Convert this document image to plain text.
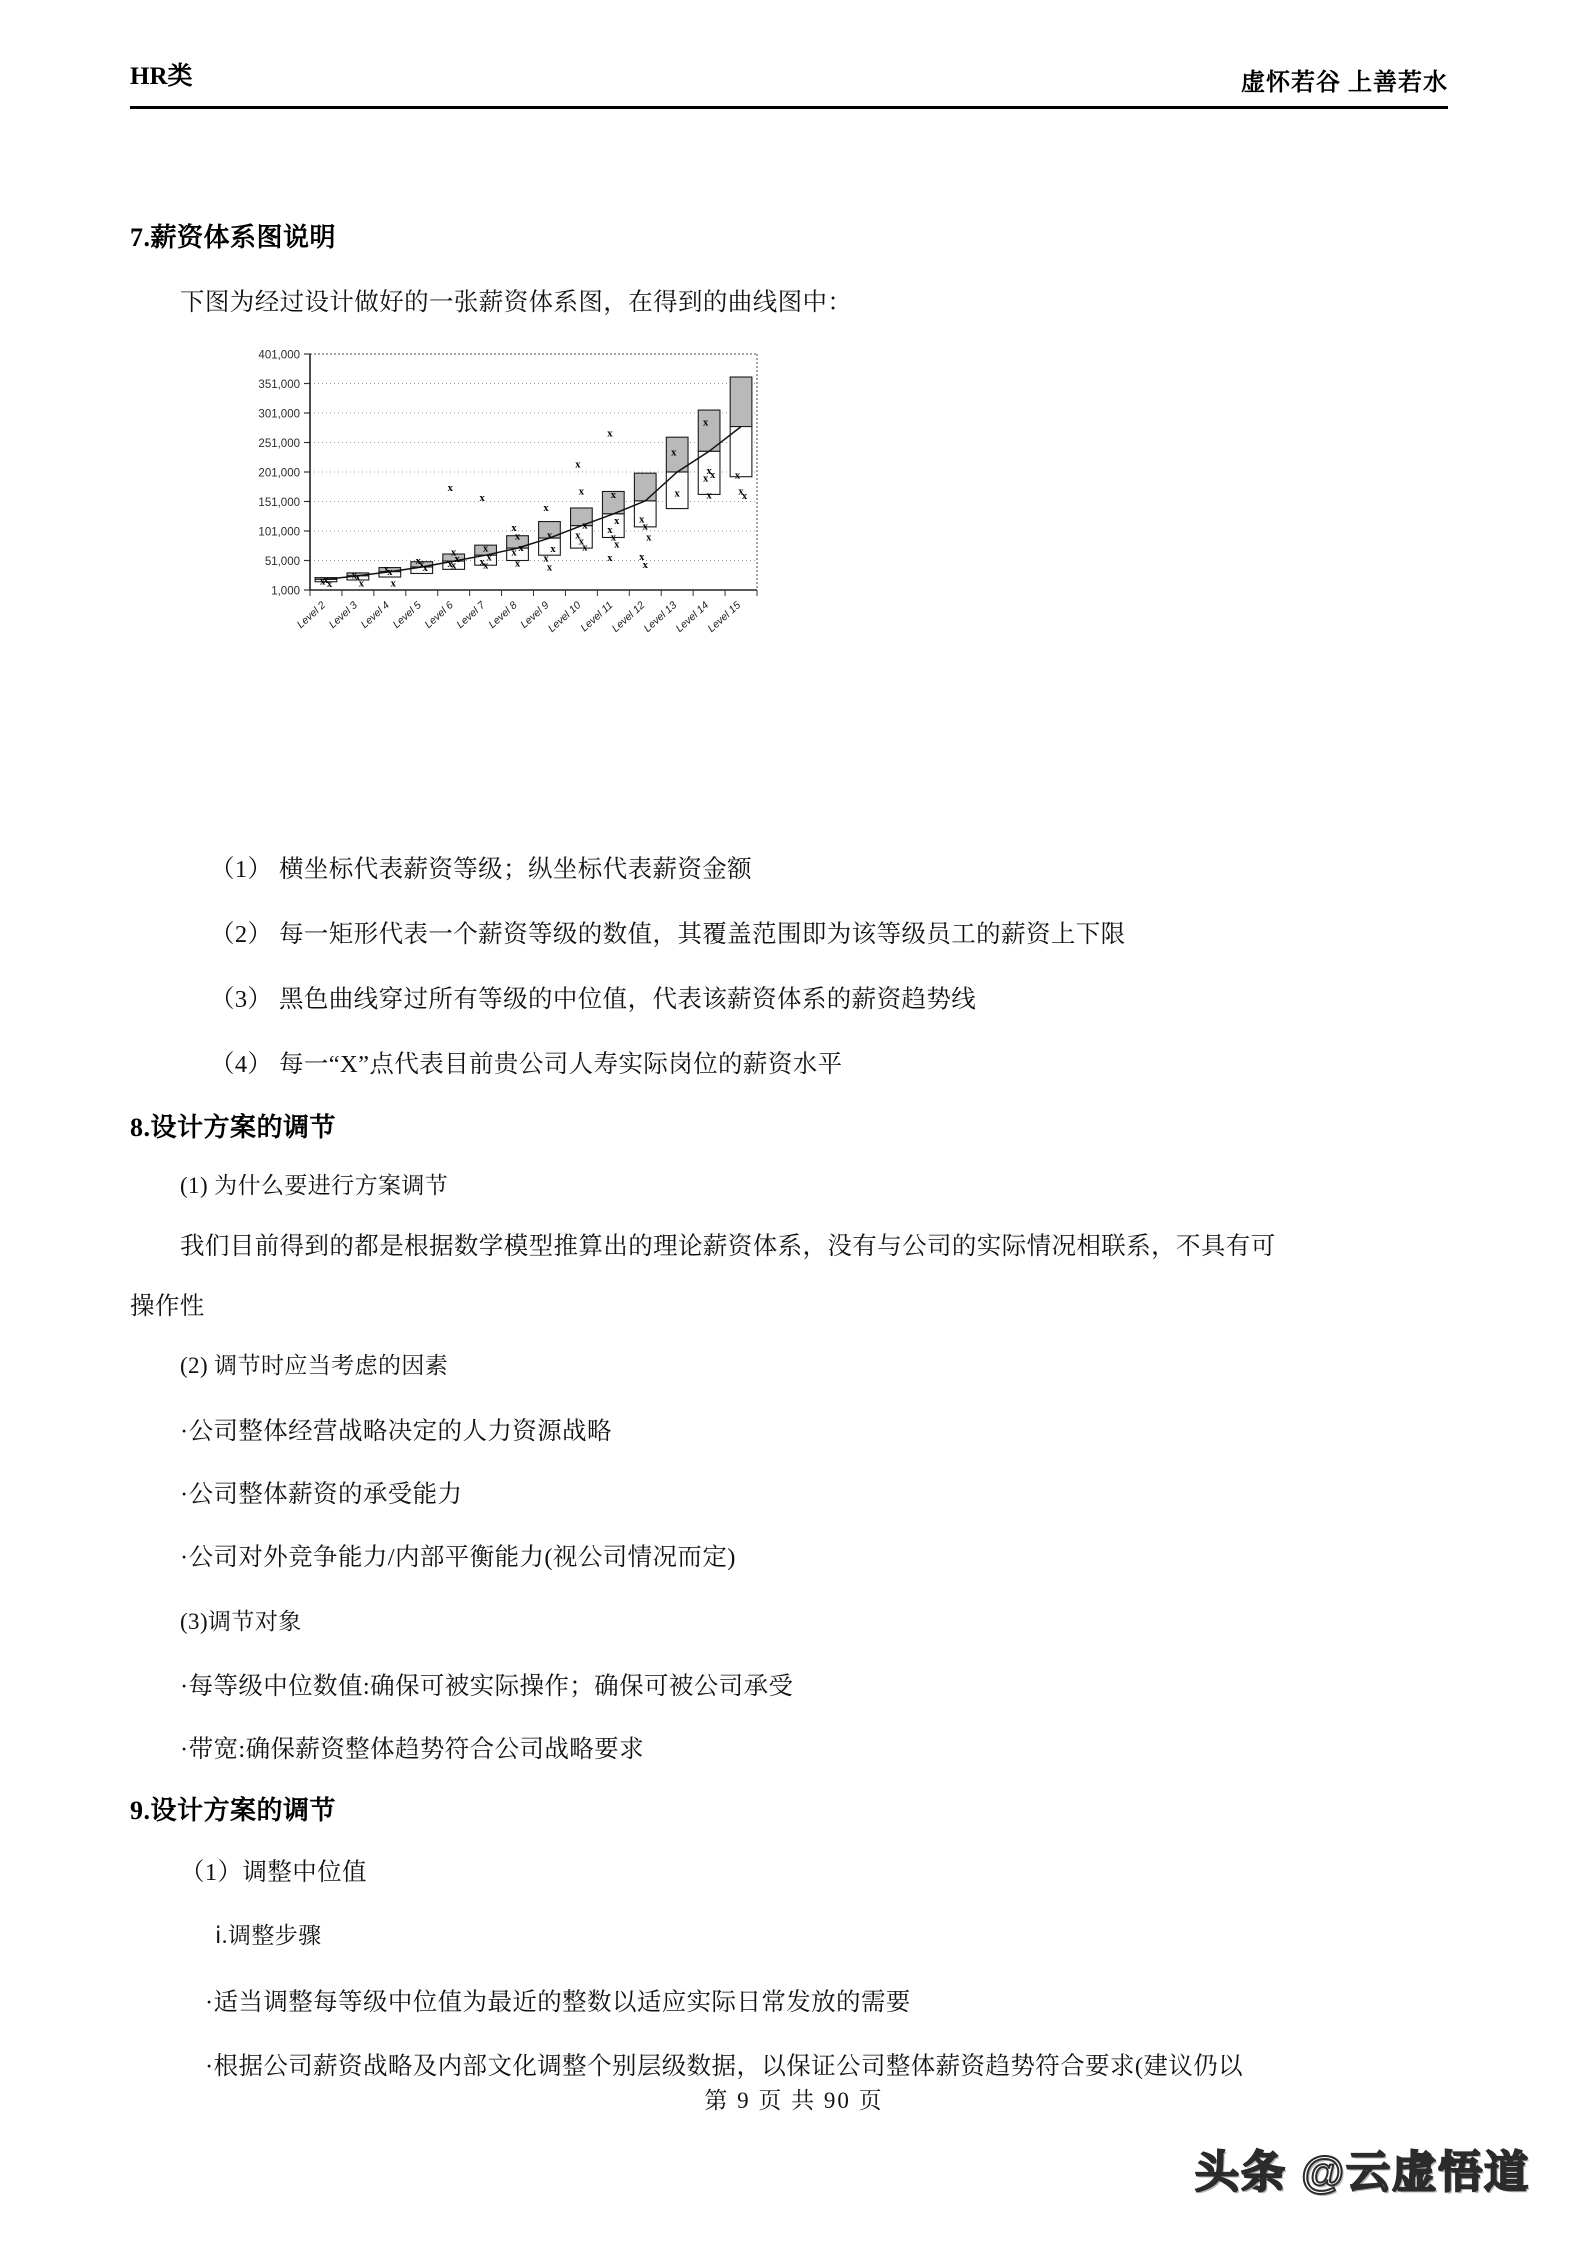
HR类	虚怀若谷 上善若水
7.薪资体系图说明
下图为经过设计做好的一张薪资体系图，在得到的曲线图中：
1,000
51,000
101,000
151,000
201,000
251,000
301,000
351,000
401,000
x
x
x
x
x
x
x
x
x
x
x
x
x
x
x
x
x
x
x
x
x
x
x
x
x
x
x
x
x
x
x
x
x
x
x
x
x
x
x
x
x
x
x
x
x
x
x
x
x
x
x
x
x
x
x
x
x
x
x
x
Level 2
Level 3
Level 4
Level 5
Level 6
Level 7
Level 8
Level 9
Level 10
Level 11
Level 12
Level 13
Level 14
Level 15
（1） 横坐标代表薪资等级；纵坐标代表薪资金额
（2） 每一矩形代表一个薪资等级的数值，其覆盖范围即为该等级员工的薪资上下限
（3） 黑色曲线穿过所有等级的中位值，代表该薪资体系的薪资趋势线
（4） 每一“X”点代表目前贵公司人寿实际岗位的薪资水平
8.设计方案的调节
(1) 为什么要进行方案调节
我们目前得到的都是根据数学模型推算出的理论薪资体系，没有与公司的实际情况相联系，不具有可
操作性
(2) 调节时应当考虑的因素
·公司整体经营战略决定的人力资源战略
·公司整体薪资的承受能力
·公司对外竞争能力/内部平衡能力(视公司情况而定)
(3)调节对象
·每等级中位数值:确保可被实际操作；确保可被公司承受
·带宽:确保薪资整体趋势符合公司战略要求
9.设计方案的调节
（1）调整中位值
ⅰ.调整步骤
·适当调整每等级中位值为最近的整数以适应实际日常发放的需要
·根据公司薪资战略及内部文化调整个别层级数据，以保证公司整体薪资趋势符合要求(建议仍以
第 9 页 共 90 页
头条 @云虚悟道
